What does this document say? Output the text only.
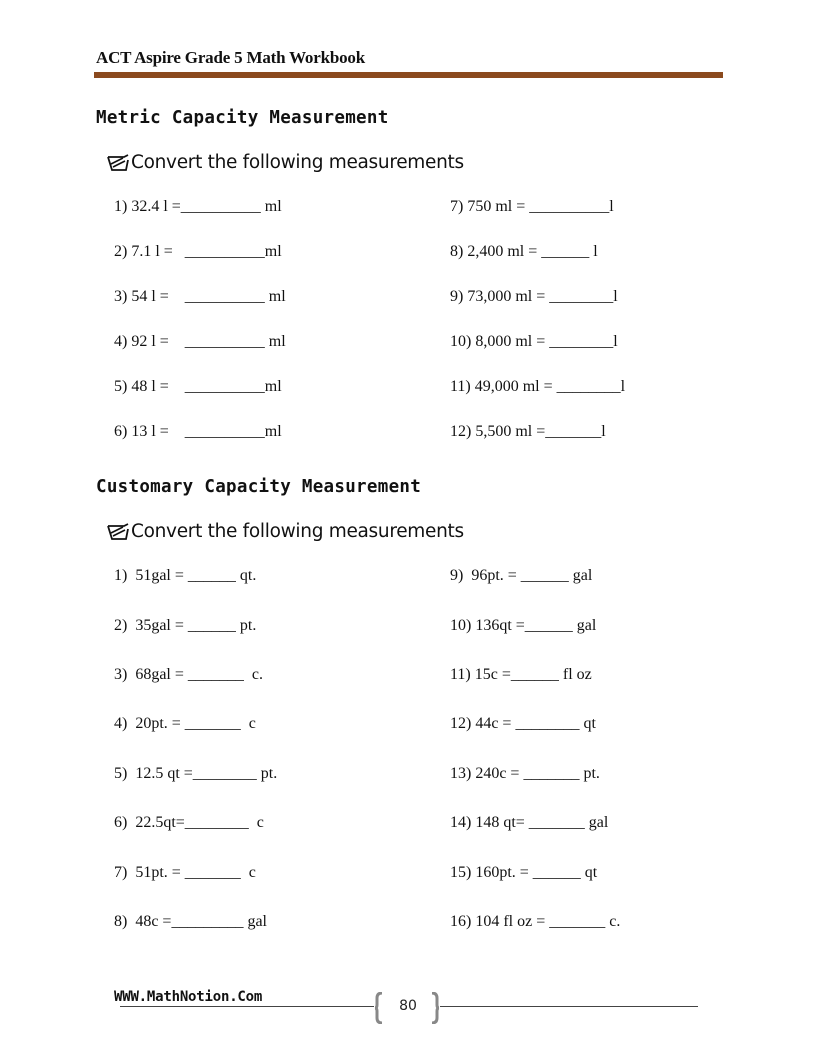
ACT Aspire Grade 5 Math Workbook
Metric Capacity Measurement
Convert the following measurements
1) 32.4 l =__________ ml
2) 7.1 l =   __________ml
3) 54 l =    __________ ml
4) 92 l =    __________ ml
5) 48 l =    __________ml
6) 13 l =    __________ml
7) 750 ml = __________l
8) 2,400 ml = ______ l
9) 73,000 ml = ________l
10) 8,000 ml = ________l
11) 49,000 ml = ________l
12) 5,500 ml =_______l
Customary Capacity Measurement
Convert the following measurements
1)  51gal = ______ qt.
2)  35gal = ______ pt.
3)  68gal = _______  c.
4)  20pt. = _______  c
5)  12.5 qt =________ pt.
6)  22.5qt=________  c
7)  51pt. = _______  c
8)  48c =_________ gal
9)  96pt. = ______ gal
10) 136qt =______ gal
11) 15c =______ fl oz
12) 44c = ________ qt
13) 240c = _______ pt.
14) 148 qt= _______ gal
15) 160pt. = ______ qt
16) 104 fl oz = _______ c.
WWW.MathNotion.Com
80
